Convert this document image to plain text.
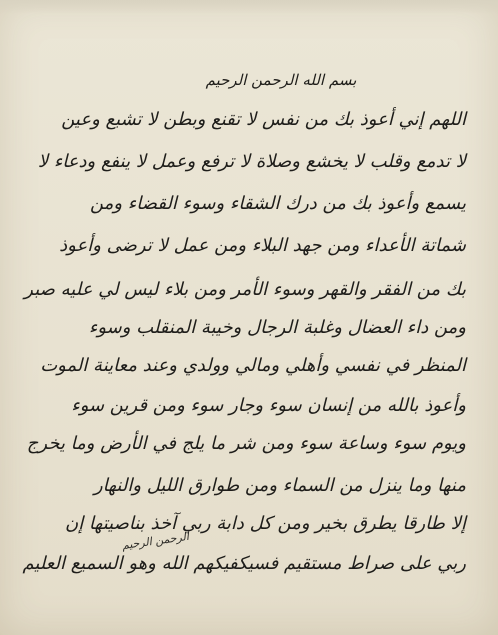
بسم الله الرحمن الرحيم
اللهم إني أعوذ بك من نفس لا تقنع وبطن لا تشبع وعين
لا تدمع وقلب لا يخشع وصلاة لا ترفع وعمل لا ينفع ودعاء لا
يسمع وأعوذ بك من درك الشقاء وسوء القضاء ومن
شماتة الأعداء ومن جهد البلاء ومن عمل لا ترضى وأعوذ
بك من الفقر والقهر وسوء الأمر ومن بلاء ليس لي عليه صبر
ومن داء العضال وغلبة الرجال وخيبة المنقلب وسوء
المنظر في نفسي وأهلي ومالي وولدي وعند معاينة الموت
وأعوذ بالله من إنسان سوء وجار سوء ومن قرين سوء
ويوم سوء وساعة سوء ومن شر ما يلج في الأرض وما يخرج
منها وما ينزل من السماء ومن طوارق الليل والنهار
إلا طارقا يطرق بخير ومن كل دابة ربي آخذ بناصيتها إن
ربي على صراط مستقيم فسيكفيكهم الله وهو السميع العليم
الرحمن الرحيم
